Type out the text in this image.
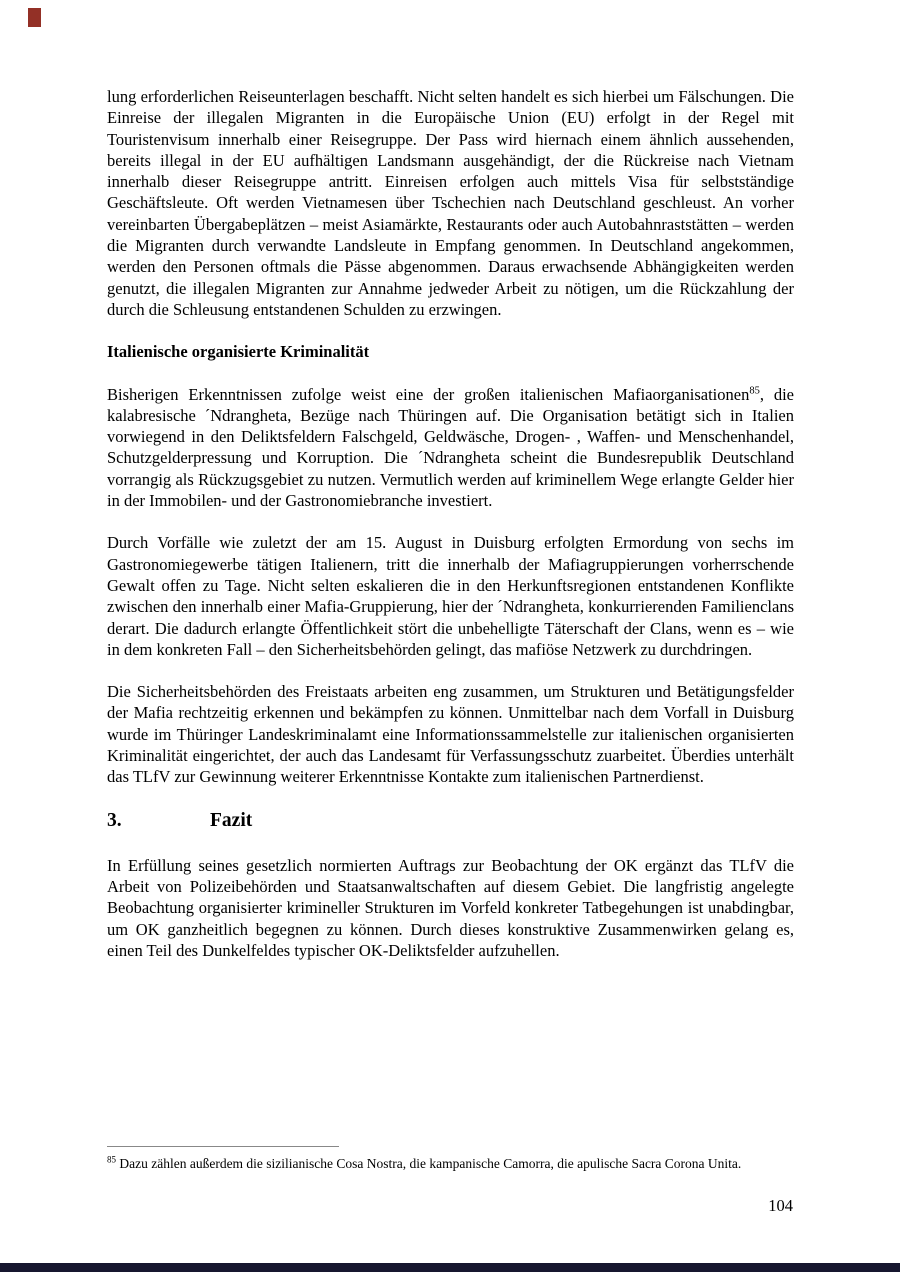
lung erforderlichen Reiseunterlagen beschafft. Nicht selten handelt es sich hierbei um Fälschungen. Die Einreise der illegalen Migranten in die Europäische Union (EU) erfolgt in der Regel mit Touristenvisum innerhalb einer Reisegruppe. Der Pass wird hiernach einem ähnlich aussehenden, bereits illegal in der EU aufhältigen Landsmann ausgehändigt, der die Rückreise nach Vietnam innerhalb dieser Reisegruppe antritt. Einreisen erfolgen auch mittels Visa für selbstständige Geschäftsleute. Oft werden Vietnamesen über Tschechien nach Deutschland geschleust. An vorher vereinbarten Übergabeplätzen – meist Asiamärkte, Restaurants oder auch Autobahnraststätten – werden die Migranten durch verwandte Landsleute in Empfang genommen. In Deutschland angekommen, werden den Personen oftmals die Pässe abgenommen. Daraus erwachsende Abhängigkeiten werden genutzt, die illegalen Migranten zur Annahme jedweder Arbeit zu nötigen, um die Rückzahlung der durch die Schleusung entstandenen Schulden zu erzwingen.

Italienische organisierte Kriminalität

Bisherigen Erkenntnissen zufolge weist eine der großen italienischen Mafiaorganisationen$^{85}$, die kalabresische ´Ndrangheta, Bezüge nach Thüringen auf. Die Organisation betätigt sich in Italien vorwiegend in den Deliktsfeldern Falschgeld, Geldwäsche, Drogen- , Waffen- und Menschenhandel, Schutzgelderpressung und Korruption. Die ´Ndrangheta scheint die Bundesrepublik Deutschland vorrangig als Rückzugsgebiet zu nutzen. Vermutlich werden auf kriminellem Wege erlangte Gelder hier in der Immobilen- und der Gastronomiebranche investiert.

Durch Vorfälle wie zuletzt der am 15. August in Duisburg erfolgten Ermordung von sechs im Gastronomiegewerbe tätigen Italienern, tritt die innerhalb der Mafiagruppierungen vorherrschende Gewalt offen zu Tage. Nicht selten eskalieren die in den Herkunftsregionen entstandenen Konflikte zwischen den innerhalb einer Mafia-Gruppierung, hier der ´Ndrangheta, konkurrierenden Familienclans derart. Die dadurch erlangte Öffentlichkeit stört die unbehelligte Täterschaft der Clans, wenn es – wie in dem konkreten Fall – den Sicherheitsbehörden gelingt, das mafiöse Netzwerk zu durchdringen.

Die Sicherheitsbehörden des Freistaats arbeiten eng zusammen, um Strukturen und Betätigungsfelder der Mafia rechtzeitig erkennen und bekämpfen zu können. Unmittelbar nach dem Vorfall in Duisburg wurde im Thüringer Landeskriminalamt eine Informationssammelstelle zur italienischen organisierten Kriminalität eingerichtet, der auch das Landesamt für Verfassungsschutz zuarbeitet. Überdies unterhält das TLfV zur Gewinnung weiterer Erkenntnisse Kontakte zum italienischen Partnerdienst.

3.	Fazit

In Erfüllung seines gesetzlich normierten Auftrags zur Beobachtung der OK ergänzt das TLfV die Arbeit von Polizeibehörden und Staatsanwaltschaften auf diesem Gebiet. Die langfristig angelegte Beobachtung organisierter krimineller Strukturen im Vorfeld konkreter Tatbegehungen ist unabdingbar, um OK ganzheitlich begegnen zu können. Durch dieses konstruktive Zusammenwirken gelang es, einen Teil des Dunkelfeldes typischer OK-Deliktsfelder aufzuhellen.

$^{85}$ Dazu zählen außerdem die sizilianische Cosa Nostra, die kampanische Camorra, die apulische Sacra Corona Unita.

104
